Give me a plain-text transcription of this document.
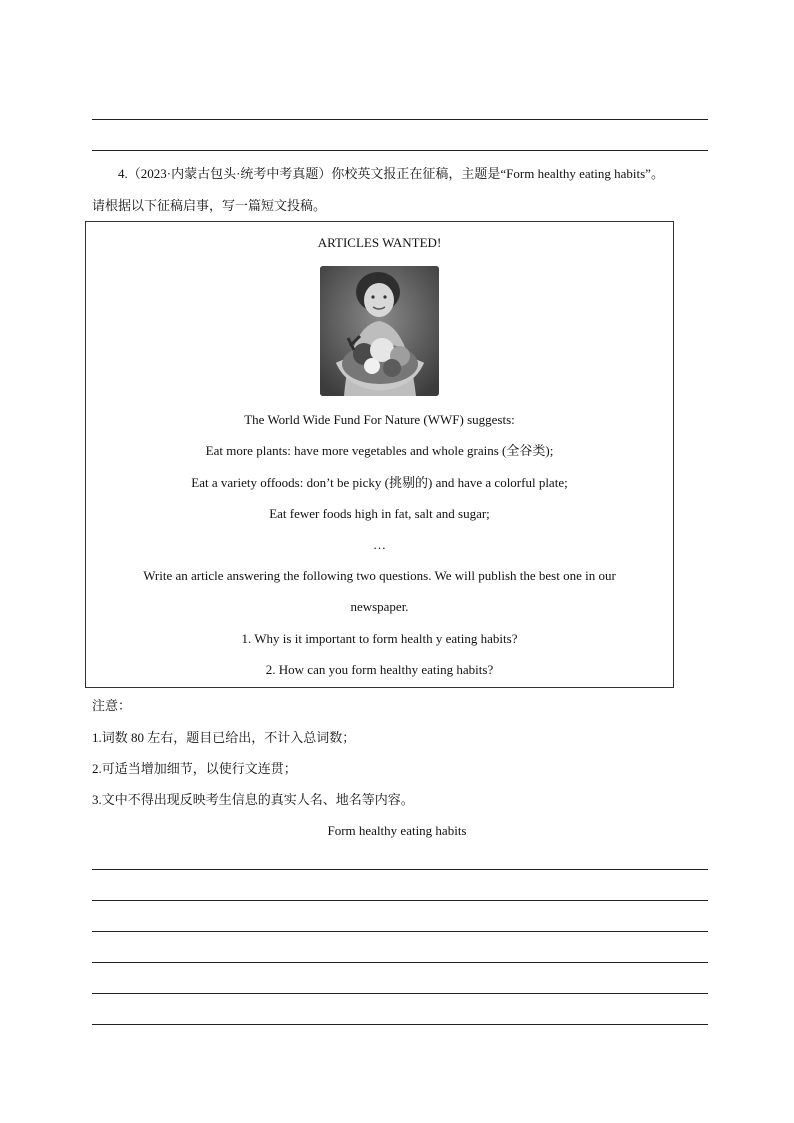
4.（2023·内蒙古包头·统考中考真题）你校英文报正在征稿，主题是“Form healthy eating habits”。
请根据以下征稿启事，写一篇短文投稿。
ARTICLES WANTED!
The World Wide Fund For Nature (WWF) suggests:
Eat more plants: have more vegetables and whole grains (全谷类);
Eat a variety offoods: don’t be picky (挑剔的) and have a colorful plate;
Eat fewer foods high in fat, salt and sugar;
…
Write an article answering the following two questions. We will publish the best one in our
newspaper.
1. Why is it important to form health y eating habits?
2. How can you form healthy eating habits?
注意：
1.词数 80 左右，题目已给出，不计入总词数；
2.可适当增加细节，以使行文连贯；
3.文中不得出现反映考生信息的真实人名、地名等内容。
Form healthy eating habits
